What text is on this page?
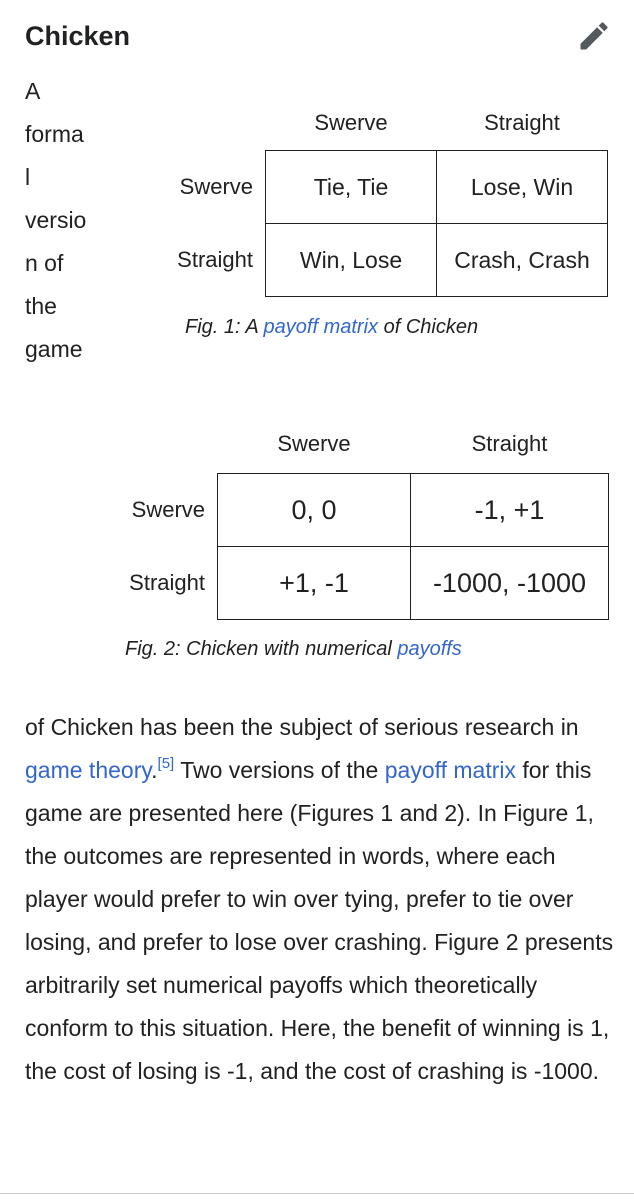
Chicken
A
forma
l
versio
n of
the
game
	Swerve	Straight
Swerve	Tie, Tie	Lose, Win
Straight	Win, Lose	Crash, Crash
Fig. 1: A payoff matrix of Chicken
	Swerve	Straight
Swerve	0, 0	-1, +1
Straight	+1, -1	-1000, -1000
Fig. 2: Chicken with numerical payoffs
of Chicken has been the subject of serious research in game theory.[5] Two versions of the payoff matrix for this game are presented here (Figures 1 and 2). In Figure 1, the outcomes are represented in words, where each player would prefer to win over tying, prefer to tie over losing, and prefer to lose over crashing. Figure 2 presents arbitrarily set numerical payoffs which theoretically conform to this situation. Here, the benefit of winning is 1, the cost of losing is -1, and the cost of crashing is -1000.
